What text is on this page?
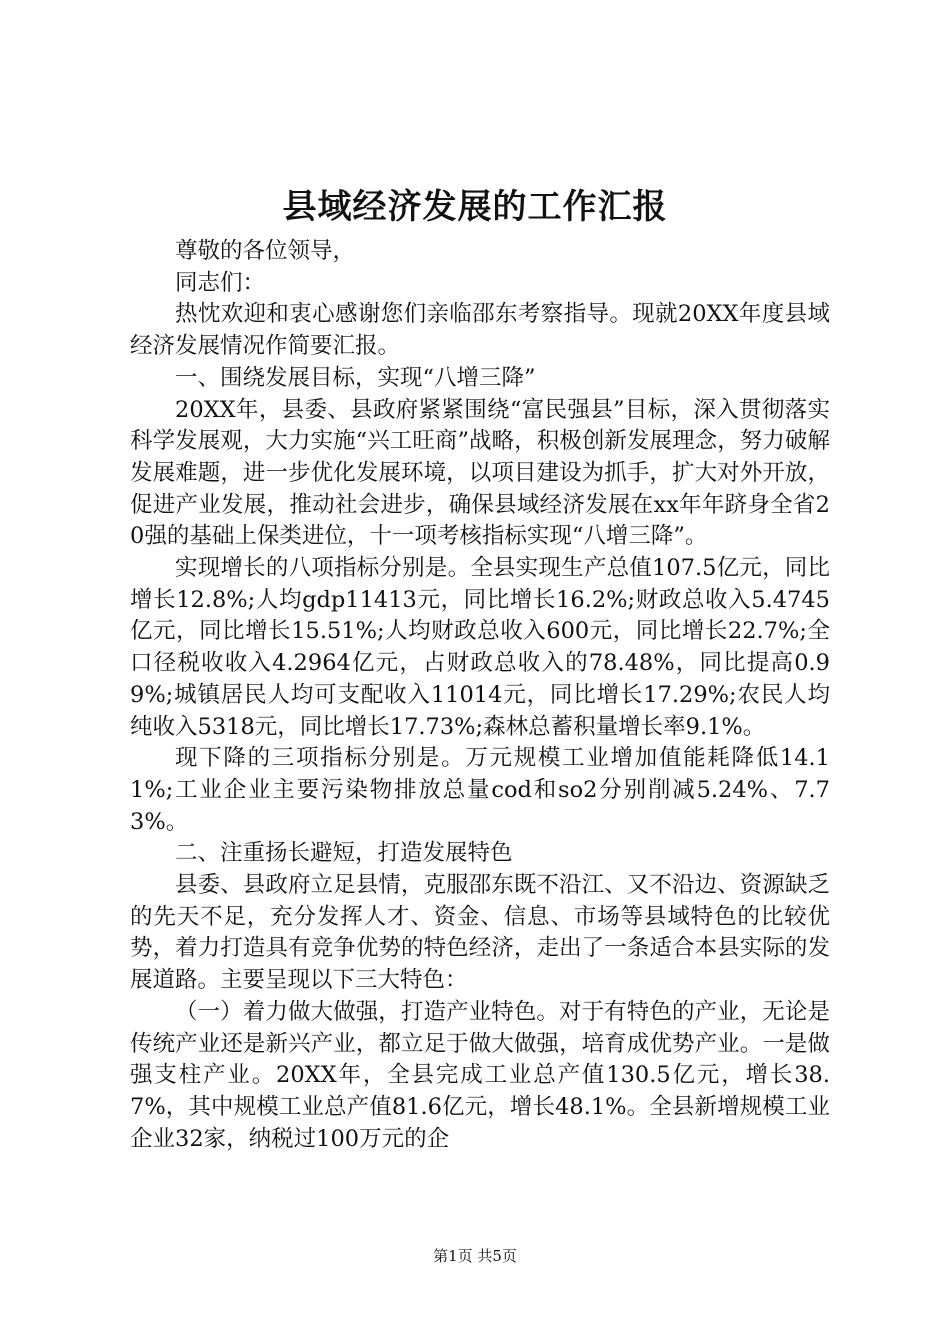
县域经济发展的工作汇报

尊敬的各位领导，

同志们：

热忱欢迎和衷心感谢您们亲临邵东考察指导。现就20XX年度县域经济发展情况作简要汇报。

一、围绕发展目标，实现“八增三降”

20XX年，县委、县政府紧紧围绕“富民强县”目标，深入贯彻落实科学发展观，大力实施“兴工旺商”战略，积极创新发展理念，努力破解发展难题，进一步优化发展环境，以项目建设为抓手，扩大对外开放，促进产业发展，推动社会进步，确保县域经济发展在xx年年跻身全省20强的基础上保类进位，十一项考核指标实现“八增三降”。

实现增长的八项指标分别是。全县实现生产总值107.5亿元，同比增长12.8%;人均gdp11413元，同比增长16.2%;财政总收入5.4745亿元，同比增长15.51%;人均财政总收入600元，同比增长22.7%;全口径税收收入4.2964亿元，占财政总收入的78.48%，同比提高0.99%;城镇居民人均可支配收入11014元，同比增长17.29%;农民人均纯收入5318元，同比增长17.73%;森林总蓄积量增长率9.1%。

现下降的三项指标分别是。万元规模工业增加值能耗降低14.11%;工业企业主要污染物排放总量cod和so2分别削减5.24%、7.73%。

二、注重扬长避短，打造发展特色

县委、县政府立足县情，克服邵东既不沿江、又不沿边、资源缺乏的先天不足，充分发挥人才、资金、信息、市场等县域特色的比较优势，着力打造具有竞争优势的特色经济，走出了一条适合本县实际的发展道路。主要呈现以下三大特色：

（一）着力做大做强，打造产业特色。对于有特色的产业，无论是传统产业还是新兴产业，都立足于做大做强，培育成优势产业。一是做强支柱产业。20XX年，全县完成工业总产值130.5亿元，增长38.7%，其中规模工业总产值81.6亿元，增长48.1%。全县新增规模工业企业32家，纳税过100万元的企

第1页 共5页
